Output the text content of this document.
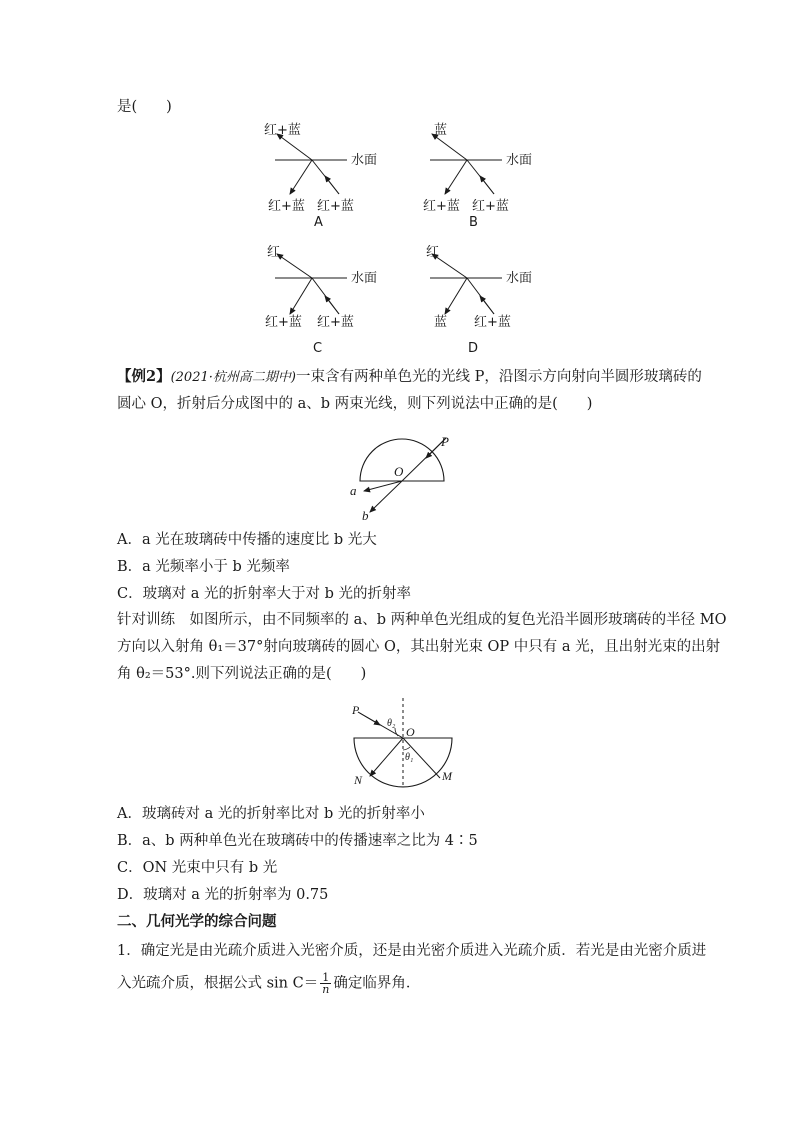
是(　　)
红+蓝
水面
红+蓝 红+蓝
A
蓝
水面
红+蓝 红+蓝
B
红
水面
红+蓝 红+蓝
C
红
水面
蓝 红+蓝
D
【例2】(2021·杭州高二期中)一束含有两种单色光的光线 P，沿图示方向射向半圆形玻璃砖的
圆心 O，折射后分成图中的 a、b 两束光线，则下列说法中正确的是(　　)
P
O
a
b
A．a 光在玻璃砖中传播的速度比 b 光大
B．a 光频率小于 b 光频率
C．玻璃对 a 光的折射率大于对 b 光的折射率
针对训练　如图所示，由不同频率的 a、b 两种单色光组成的复色光沿半圆形玻璃砖的半径 MO
方向以入射角 θ₁＝37°射向玻璃砖的圆心 O，其出射光束 OP 中只有 a 光，且出射光束的出射
角 θ₂＝53°.则下列说法正确的是(　　)
P
O
N	M
θ₂
θ₁
A．玻璃砖对 a 光的折射率比对 b 光的折射率小
B．a、b 两种单色光在玻璃砖中的传播速率之比为 4∶5
C．ON 光束中只有 b 光
D．玻璃对 a 光的折射率为 0.75
二、几何光学的综合问题
1．确定光是由光疏介质进入光密介质，还是由光密介质进入光疏介质．若光是由光密介质进
入光疏介质，根据公式 $\sin C= \frac{1}{n}$ 确定临界角．
